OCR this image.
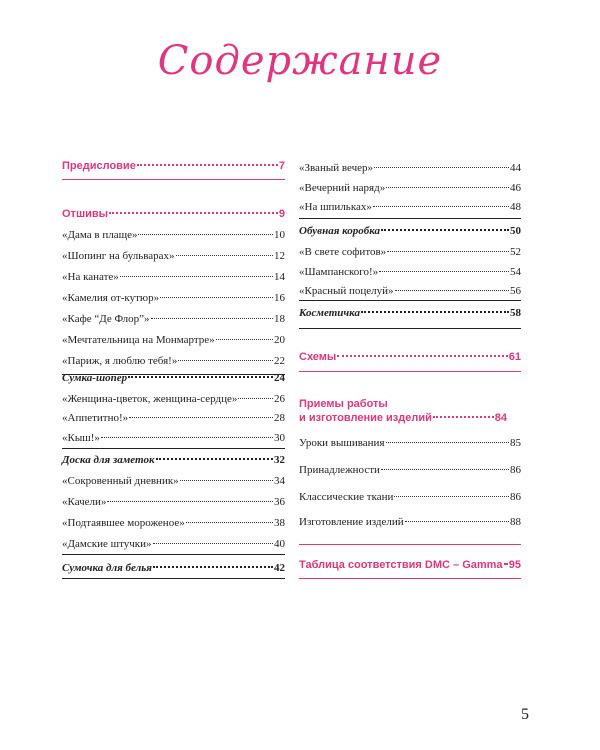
Содержание
Предисловие	7
Отшивы	9
«Дама в плаще»	10
«Шопинг на бульварах»	12
«На канате»	14
«Камелия от-кутюр»	16
«Кафе “Де Флор”»	18
«Мечтательница на Монмартре»	20
«Париж, я люблю тебя!»	22
Сумка-шопер	24
«Женщина-цветок, женщина-сердце»	26
«Аппетитно!»	28
«Кыш!»	30
Доска для заметок	32
«Сокровенный дневник»	34
«Качели»	36
«Подтаявшее мороженое»	38
«Дамские штучки»	40
Сумочка для белья	42
«Званый вечер»	44
«Вечерний наряд»	46
«На шпильках»	48
Обувная коробка	50
«В свете софитов»	52
«Шампанского!»	54
«Красный поцелуй»	56
Косметичка	58
Схемы	61
Приемы работы
и изготовление изделий	84
Уроки вышивания	85
Принадлежности	86
Классические ткани	86
Изготовление изделий	88
Таблица соответствия DMC – Gamma 95
5
